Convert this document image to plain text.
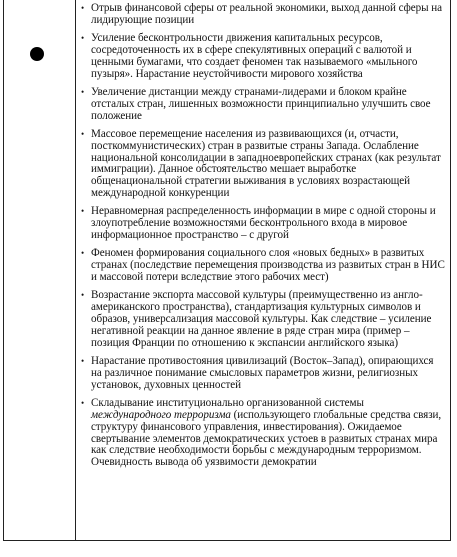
• Отрыв финансовой сферы от реальной экономики, выход данной сферы на лидирующие позиции
• Усиление бесконтрольности движения капитальных ресурсов, сосредоточенность их в сфере спекулятивных операций с валютой и ценными бумагами, что создает феномен так называемого «мыльного пузыря». Нарастание неустойчивости мирового хозяйства
• Увеличение дистанции между странами-лидерами и блоком крайне отсталых стран, лишенных возможности принципиально улучшить свое положение
• Массовое перемещение населения из развивающихся (и, отчасти, посткоммунистических) стран в развитые страны Запада. Ослабление национальной консолидации в западноевропейских странах (как результат иммиграции). Данное обстоятельство мешает выработке общенациональной стратегии выживания в условиях возрастающей международной конкуренции
• Неравномерная распределенность информации в мире с одной стороны и злоупотребление возможностями бесконтрольного входа в мировое информационное пространство – с другой
• Феномен формирования социального слоя «новых бедных» в развитых странах (последствие перемещения производства из развитых стран в НИС и массовой потери вследствие этого рабочих мест)
• Возрастание экспорта массовой культуры (преимущественно из англо-американского пространства), стандартизация культурных символов и образов, универсализация массовой культуры. Как следствие – усиление негативной реакции на данное явление в ряде стран мира (пример – позиция Франции по отношению к экспансии английского языка)
• Нарастание противостояния цивилизаций (Восток–Запад), опирающихся на различное понимание смысловых параметров жизни, религиозных установок, духовных ценностей
• Складывание институционально организованной системы международного терроризма (использующего глобальные средства связи, структуру финансового управления, инвестирования). Ожидаемое свертывание элементов демократических устоев в развитых странах мира как следствие необходимости борьбы с международным терроризмом. Очевидность вывода об уязвимости демократии
